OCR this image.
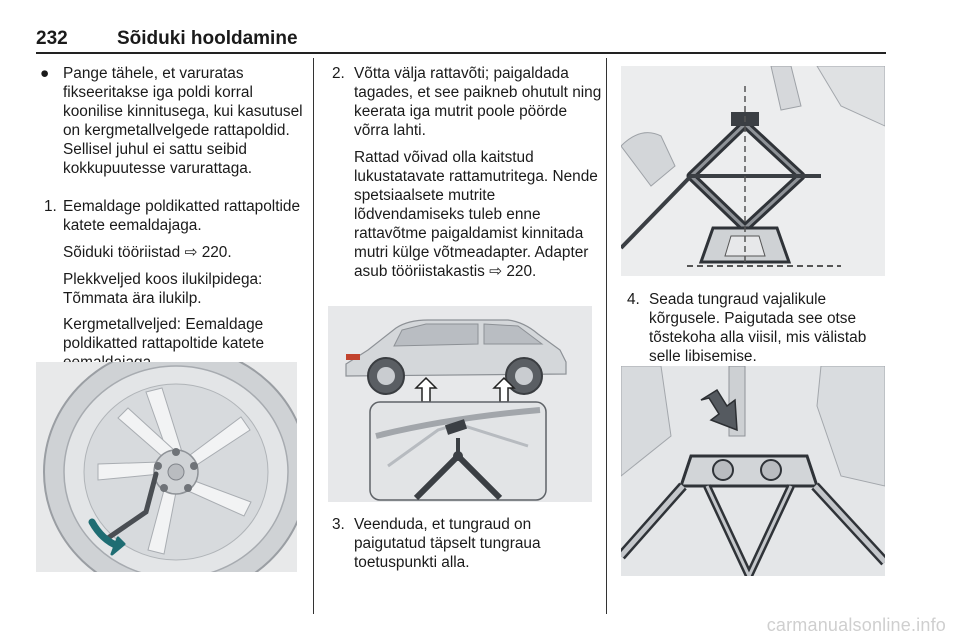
232	Sõiduki hooldamine
● Pange tähele, et varuratas fikseeritakse iga poldi korral koonilise kinnitusega, kui kasutusel on kergmetallvelgede rattapoldid. Sellisel juhul ei sattu seibid kokkupuutesse varurattaga.
1. Eemaldage poldikatted rattapoltide katete eemaldajaga.
Sõiduki tööriistad ⇨ 220.
Plekkveljed koos ilukilpidega: Tõmmata ära ilukilp.
Kergmetallveljed: Eemaldage poldikatted rattapoltide katete
2. Võtta välja rattavõti; paigaldada tagades, et see paikneb ohutult ning keerata iga mutrit poole pöörde võrra lahti.
Rattad võivad olla kaitstud lukustatavate rattamutritega. Nende spetsiaalsete mutrite lõdvendamiseks tuleb enne rattavõtme paigaldamist kinnitada mutri külge võtmeadapter. Adapter asub tööriistakastis ⇨ 220.
3. Veenduda, et tungraud on paigutatud täpselt tungraua toetuspunkti alla.
4. Seada tungraud vajalikule kõrgusele. Paigutada see otse tõstekoha alla viisil, mis välistab selle libisemise.
carmanualsonline.info
